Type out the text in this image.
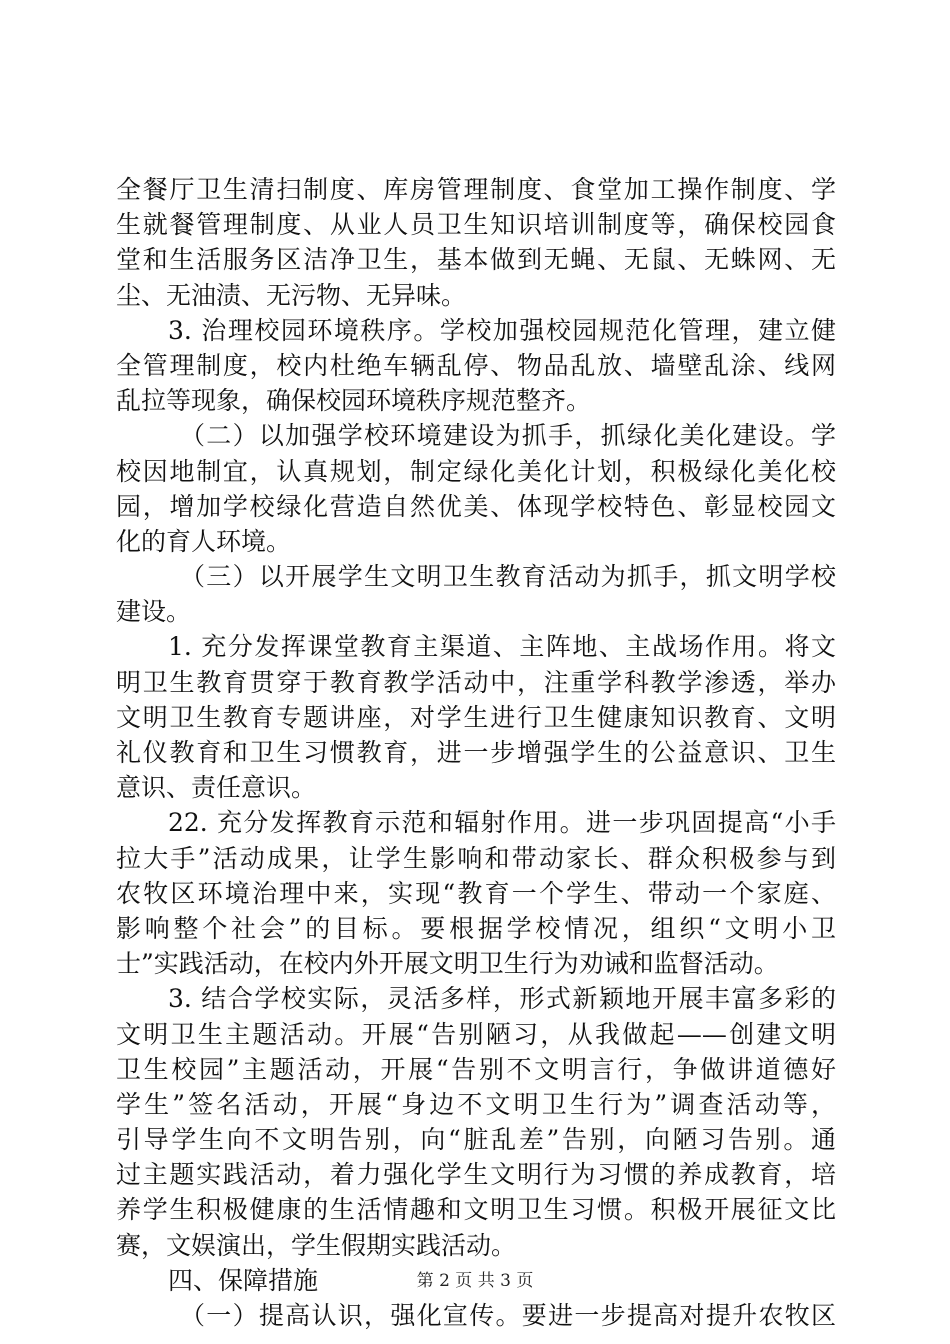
全餐厅卫生清扫制度、库房管理制度、食堂加工操作制度、学
生就餐管理制度、从业人员卫生知识培训制度等，确保校园食
堂和生活服务区洁净卫生，基本做到无蝇、无鼠、无蛛网、无
尘、无油渍、无污物、无异味。
3. 治理校园环境秩序。学校加强校园规范化管理，建立健
全管理制度，校内杜绝车辆乱停、物品乱放、墙壁乱涂、线网
乱拉等现象，确保校园环境秩序规范整齐。
（二）以加强学校环境建设为抓手，抓绿化美化建设。学
校因地制宜，认真规划，制定绿化美化计划，积极绿化美化校
园，增加学校绿化营造自然优美、体现学校特色、彰显校园文
化的育人环境。
（三）以开展学生文明卫生教育活动为抓手，抓文明学校
建设。
1. 充分发挥课堂教育主渠道、主阵地、主战场作用。将文
明卫生教育贯穿于教育教学活动中，注重学科教学渗透，举办
文明卫生教育专题讲座，对学生进行卫生健康知识教育、文明
礼仪教育和卫生习惯教育，进一步增强学生的公益意识、卫生
意识、责任意识。
22. 充分发挥教育示范和辐射作用。进一步巩固提高“小手
拉大手”活动成果，让学生影响和带动家长、群众积极参与到
农牧区环境治理中来，实现“教育一个学生、带动一个家庭、
影响整个社会”的目标。要根据学校情况，组织“文明小卫
士”实践活动，在校内外开展文明卫生行为劝诫和监督活动。
3. 结合学校实际，灵活多样，形式新颖地开展丰富多彩的
文明卫生主题活动。开展“告别陋习，从我做起——创建文明
卫生校园”主题活动，开展“告别不文明言行，争做讲道德好
学生”签名活动，开展“身边不文明卫生行为”调查活动等，
引导学生向不文明告别，向“脏乱差”告别，向陋习告别。通
过主题实践活动，着力强化学生文明行为习惯的养成教育，培
养学生积极健康的生活情趣和文明卫生习惯。积极开展征文比
赛，文娱演出，学生假期实践活动。
四、保障措施
（一）提高认识，强化宣传。要进一步提高对提升农牧区
第 2 页 共 3 页
